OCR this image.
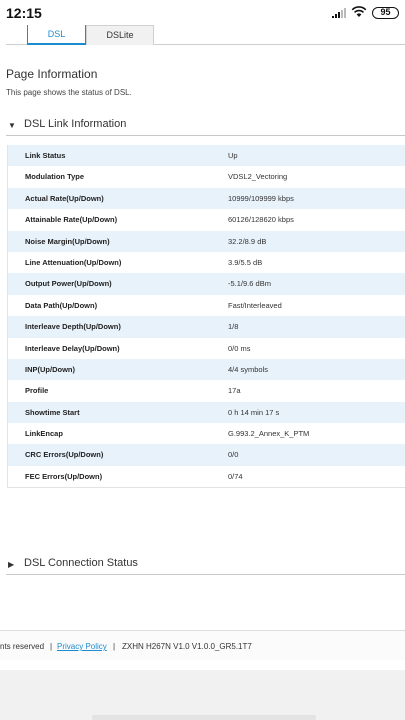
12:15	95
DSL	DSLite
Page Information
This page shows the status of DSL.
▼ DSL Link Information
Link Status	Up
Modulation Type	VDSL2_Vectoring
Actual Rate(Up/Down)	10999/109999 kbps
Attainable Rate(Up/Down)	60126/128620 kbps
Noise Margin(Up/Down)	32.2/8.9 dB
Line Attenuation(Up/Down)	3.9/5.5 dB
Output Power(Up/Down)	-5.1/9.6 dBm
Data Path(Up/Down)	Fast/Interleaved
Interleave Depth(Up/Down)	1/8
Interleave Delay(Up/Down)	0/0 ms
INP(Up/Down)	4/4 symbols
Profile	17a
Showtime Start	0 h 14 min 17 s
LinkEncap	G.993.2_Annex_K_PTM
CRC Errors(Up/Down)	0/0
FEC Errors(Up/Down)	0/74
▶ DSL Connection Status
nts reserved | Privacy Policy | ZXHN H267N V1.0 V1.0.0_GR5.1T7
